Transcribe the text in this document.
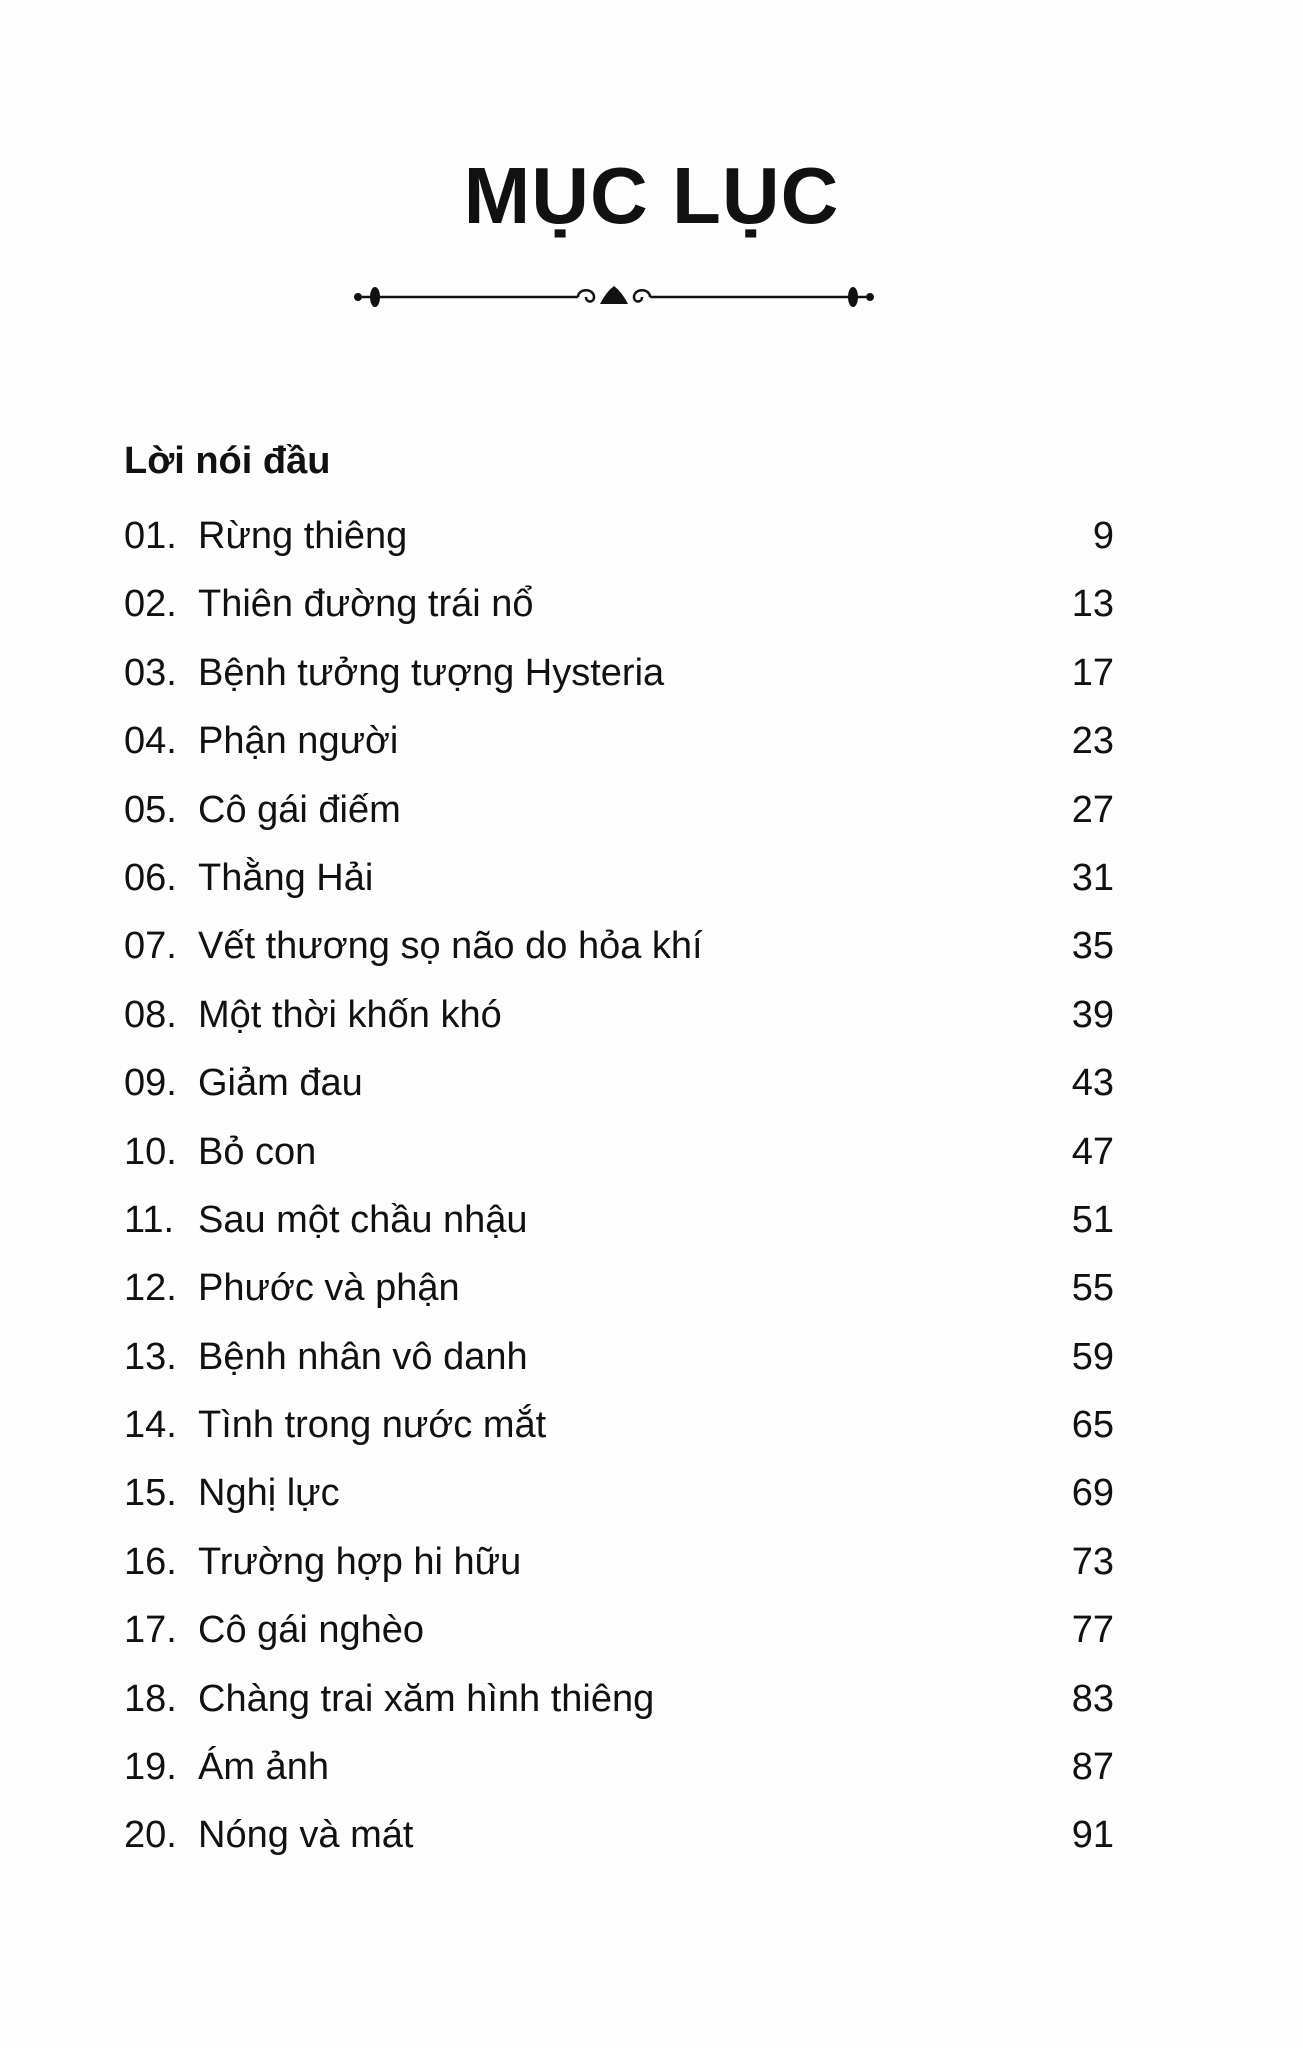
MỤC LỤC
Lời nói đầu
01. Rừng thiêng	9
02. Thiên đường trái nổ	13
03. Bệnh tưởng tượng Hysteria	17
04. Phận người	23
05. Cô gái điếm	27
06. Thằng Hải	31
07. Vết thương sọ não do hỏa khí	35
08. Một thời khốn khó	39
09. Giảm đau	43
10. Bỏ con	47
11. Sau một chầu nhậu	51
12. Phước và phận	55
13. Bệnh nhân vô danh	59
14. Tình trong nước mắt	65
15. Nghị lực	69
16. Trường hợp hi hữu	73
17. Cô gái nghèo	77
18. Chàng trai xăm hình thiêng	83
19. Ám ảnh	87
20. Nóng và mát	91
